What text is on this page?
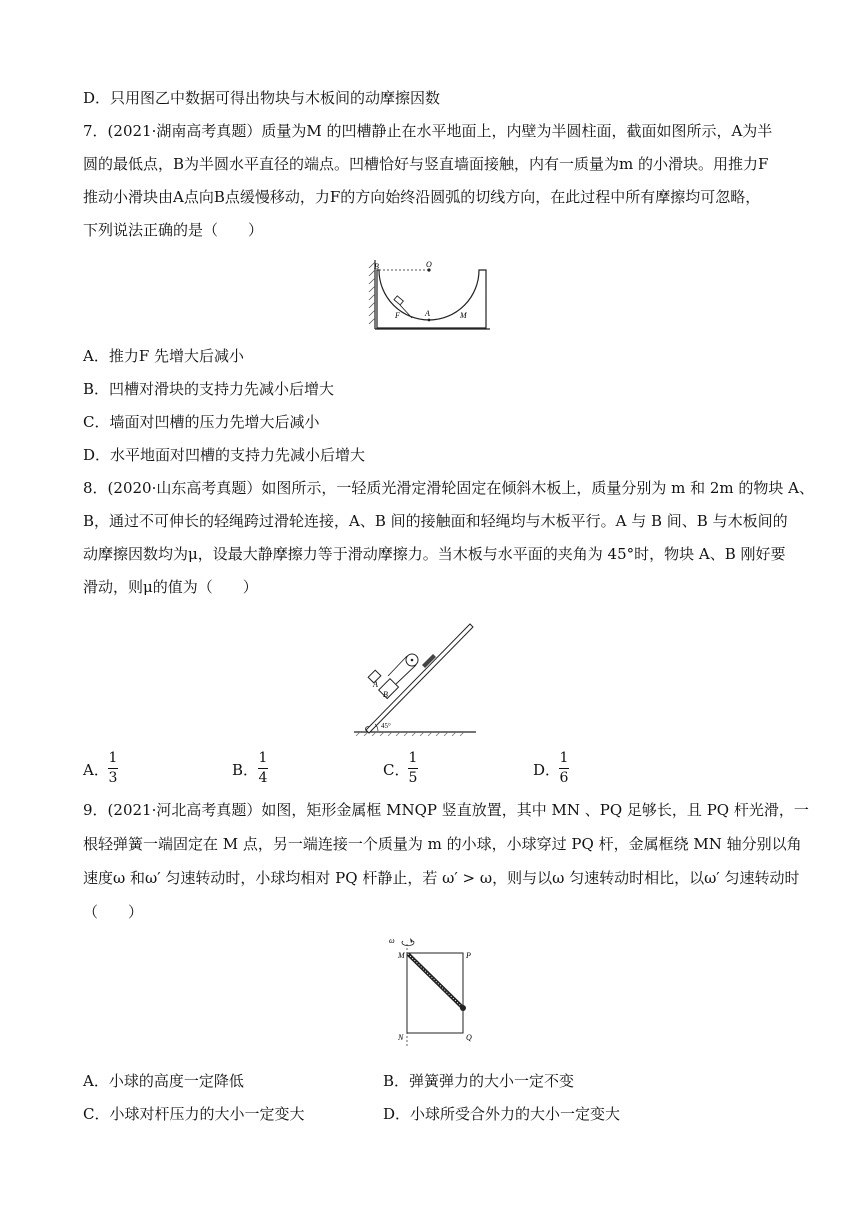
D．只用图乙中数据可得出物块与木板间的动摩擦因数
7．(2021·湖南高考真题）质量为M 的凹槽静止在水平地面上，内壁为半圆柱面，截面如图所示，A为半
圆的最低点，B为半圆水平直径的端点。凹槽恰好与竖直墙面接触，内有一质量为m 的小滑块。用推力F
推动小滑块由A点向B点缓慢移动，力F的方向始终沿圆弧的切线方向，在此过程中所有摩擦均可忽略，
下列说法正确的是（　　）
B	O
F	A	M
A．推力F 先增大后减小
B．凹槽对滑块的支持力先减小后增大
C．墙面对凹槽的压力先增大后减小
D．水平地面对凹槽的支持力先减小后增大
8．(2020·山东高考真题）如图所示，一轻质光滑定滑轮固定在倾斜木板上，质量分别为 m 和 2m 的物块 A、
B，通过不可伸长的轻绳跨过滑轮连接，A、B 间的接触面和轻绳均与木板平行。A 与 B 间、B 与木板间的
动摩擦因数均为μ，设最大静摩擦力等于滑动摩擦力。当木板与水平面的夹角为 45°时，物块 A、B 刚好要
滑动，则μ的值为（　　）
A
B
45°
A．
1
3	B．
1
4	C．
1
5	D．
1
6
9．(2021·河北高考真题）如图，矩形金属框 MNQP 竖直放置，其中 MN 、PQ 足够长，且 PQ 杆光滑，一
根轻弹簧一端固定在 M 点，另一端连接一个质量为 m 的小球，小球穿过 PQ 杆，金属框绕 MN 轴分别以角
速度ω 和ω′ 匀速转动时，小球均相对 PQ 杆静止，若 ω′ > ω，则与以ω 匀速转动时相比，以ω′ 匀速转动时
（　　）
ω
M	P
N	Q
A．小球的高度一定降低	B．弹簧弹力的大小一定不变
C．小球对杆压力的大小一定变大	D．小球所受合外力的大小一定变大
